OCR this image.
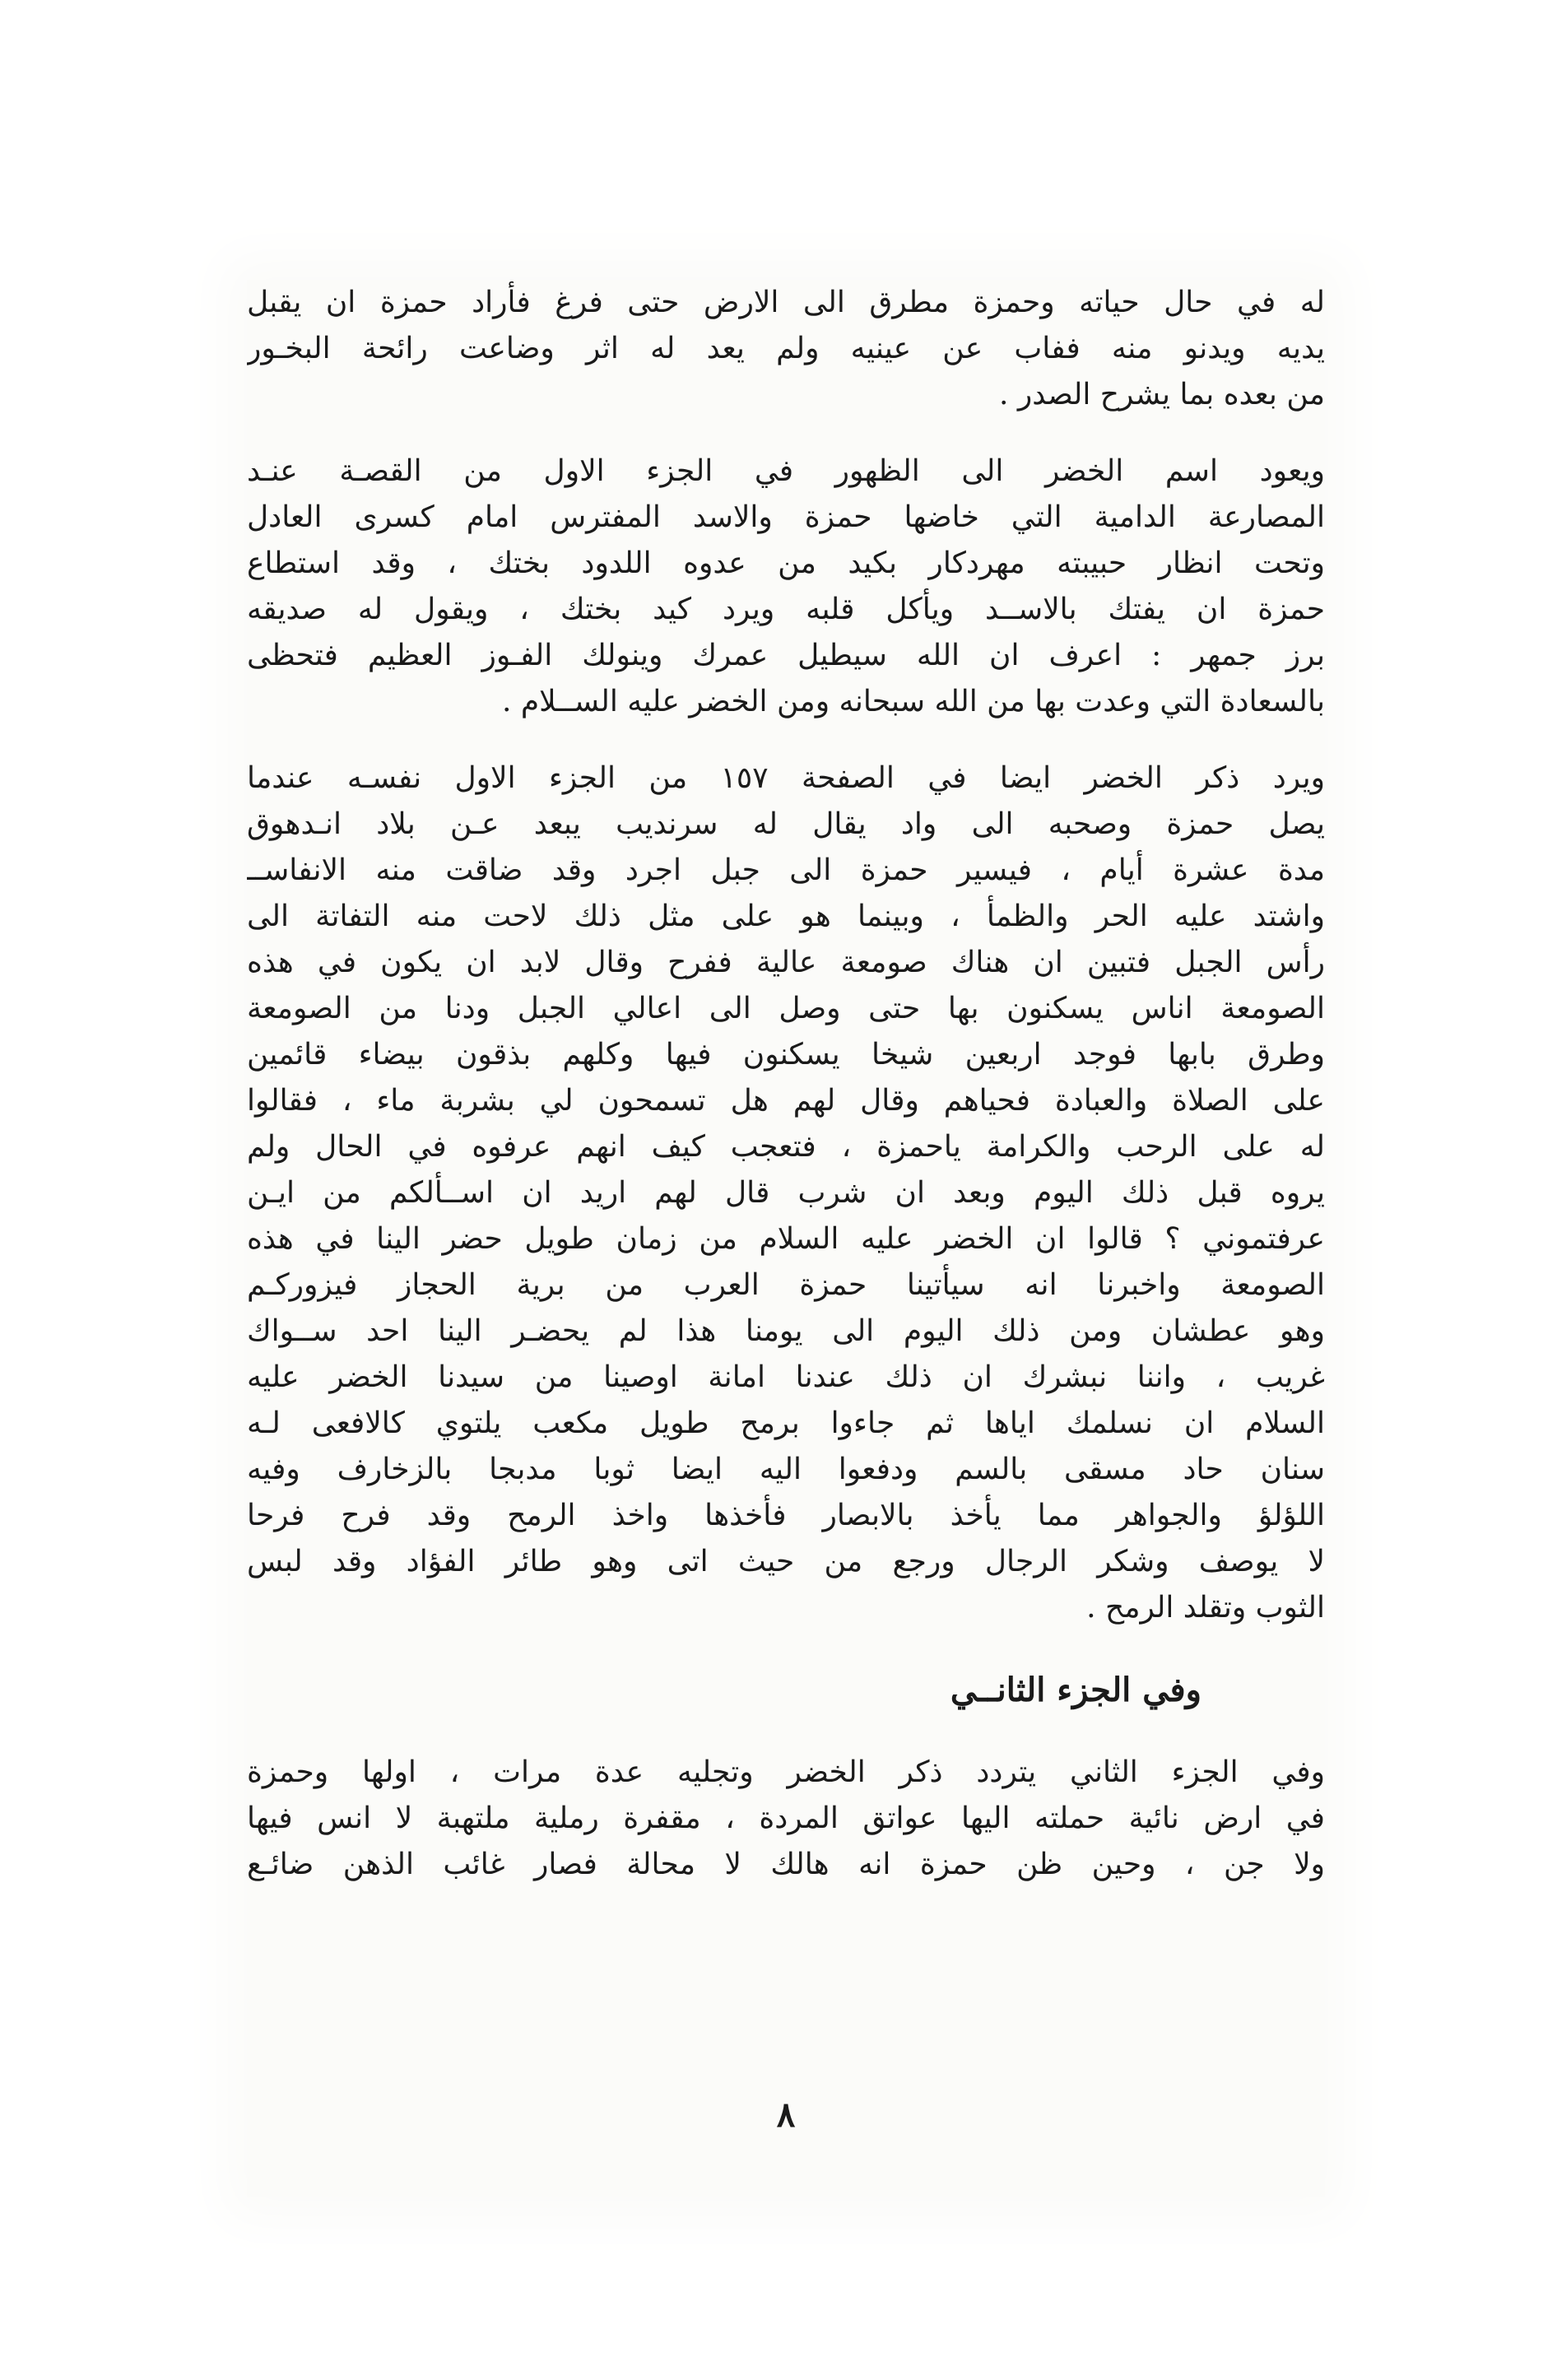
له في حال حياته وحمزة مطرق الى الارض حتى فرغ فأراد حمزة ان يقبل
يديه ويدنو منه ففاب عن عينيه ولم يعد له اثر وضاعت رائحة البخـور
من بعده بما يشرح الصدر .
ويعود اسم الخضر الى الظهور في الجزء الاول من القصـة عنـد
المصارعة الدامية التي خاضها حمزة والاسد المفترس امام كسرى العادل
وتحت انظار حبيبته مهردكار بكيد من عدوه اللدود بختك ، وقد استطاع
حمزة ان يفتك بالاســد ويأكل قلبه ويرد كيد بختك ، ويقول له صديقه
برز جمهر : اعرف ان الله سيطيل عمرك وينولك الفـوز العظيم فتحظى
بالسعادة التي وعدت بها من الله سبحانه ومن الخضر عليه الســلام .
ويرد ذكر الخضر ايضا في الصفحة ١٥٧ من الجزء الاول نفسـه عندما
يصل حمزة وصحبه الى واد يقال له سرنديب يبعد عـن بلاد انـدهوق
مدة عشرة أيام ، فيسير حمزة الى جبل اجرد وقد ضاقت منه الانفاســ
واشتد عليه الحر والظمأ ، وبينما هو على مثل ذلك لاحت منه التفاتة الى
رأس الجبل فتبين ان هناك صومعة عالية ففرح وقال لابد ان يكون في هذه
الصومعة اناس يسكنون بها حتى وصل الى اعالي الجبل ودنا من الصومعة
وطرق بابها فوجد اربعين شيخا يسكنون فيها وكلهم بذقون بيضاء قائمين
على الصلاة والعبادة فحياهم وقال لهم هل تسمحون لي بشربة ماء ، فقالوا
له على الرحب والكرامة ياحمزة ، فتعجب كيف انهم عرفوه في الحال ولم
يروه قبل ذلك اليوم وبعد ان شرب قال لهم اريد ان اســألكم من ايـن
عرفتموني ؟ قالوا ان الخضر عليه السلام من زمان طويل حضر الينا في هذه
الصومعة واخبرنا انه سيأتينا حمزة العرب من برية الحجاز فيزوركـم
وهو عطشان ومن ذلك اليوم الى يومنا هذا لم يحضـر الينا احد ســواك
غريب ، واننا نبشرك ان ذلك عندنا امانة اوصينا من سيدنا الخضر عليه
السلام ان نسلمك اياها ثم جاءوا برمح طويل مكعب يلتوي كالافعى لـه
سنان حاد مسقى بالسم ودفعوا اليه ايضا ثوبا مدبجا بالزخارف وفيه
اللؤلؤ والجواهر مما يأخذ بالابصار فأخذها واخذ الرمح وقد فرح فرحا
لا يوصف وشكر الرجال ورجع من حيث اتى وهو طائر الفؤاد وقد لبس
الثوب وتقلد الرمح .
وفي الجزء الثانــي
وفي الجزء الثاني يتردد ذكر الخضر وتجليه عدة مرات ، اولها وحمزة
في ارض نائية حملته اليها عواتق المردة ، مقفرة رملية ملتهبة لا انس فيها
ولا جن ، وحين ظن حمزة انه هالك لا محالة فصار غائب الذهن ضائـع
٨
